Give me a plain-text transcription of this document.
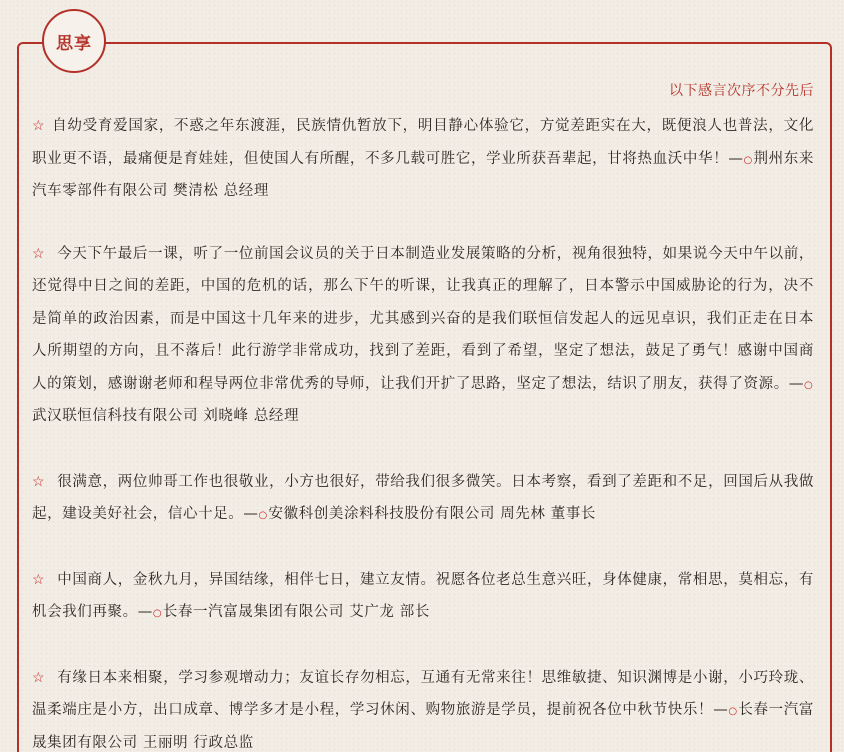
思享
以下感言次序不分先后

☆ 自幼受育爱国家，不惑之年东渡涯，民族情仇暂放下，明目静心体验它，方觉差距实在大，既便浪人也普法，文化职业更不语，最痛便是育娃娃，但使国人有所醒，不多几载可胜它，学业所获吾辈起，甘将热血沃中华！—○荆州东来汽车零部件有限公司 樊清松 总经理

☆ 今天下午最后一课，听了一位前国会议员的关于日本制造业发展策略的分析，视角很独特，如果说今天中午以前，还觉得中日之间的差距，中国的危机的话，那么下午的听课，让我真正的理解了，日本警示中国威胁论的行为，决不是简单的政治因素，而是中国这十几年来的进步，尤其感到兴奋的是我们联恒信发起人的远见卓识，我们正走在日本人所期望的方向，且不落后！此行游学非常成功，找到了差距，看到了希望，坚定了想法，鼓足了勇气！感谢中国商人的策划，感谢谢老师和程导两位非常优秀的导师，让我们开扩了思路，坚定了想法，结识了朋友，获得了资源。—○武汉联恒信科技有限公司 刘晓峰 总经理

☆ 很满意，两位帅哥工作也很敬业，小方也很好，带给我们很多微笑。日本考察，看到了差距和不足，回国后从我做起，建设美好社会，信心十足。—○安徽科创美涂料科技股份有限公司 周先林 董事长

☆ 中国商人，金秋九月，异国结缘，相伴七日，建立友情。祝愿各位老总生意兴旺，身体健康，常相思，莫相忘，有机会我们再聚。—○长春一汽富晟集团有限公司 艾广龙 部长

☆ 有缘日本来相聚，学习参观增动力；友谊长存勿相忘，互通有无常来往！思维敏捷、知识渊博是小谢，小巧玲珑、温柔端庄是小方，出口成章、博学多才是小程，学习休闲、购物旅游是学员，提前祝各位中秋节快乐！—○长春一汽富晟集团有限公司 王丽明 行政总监
